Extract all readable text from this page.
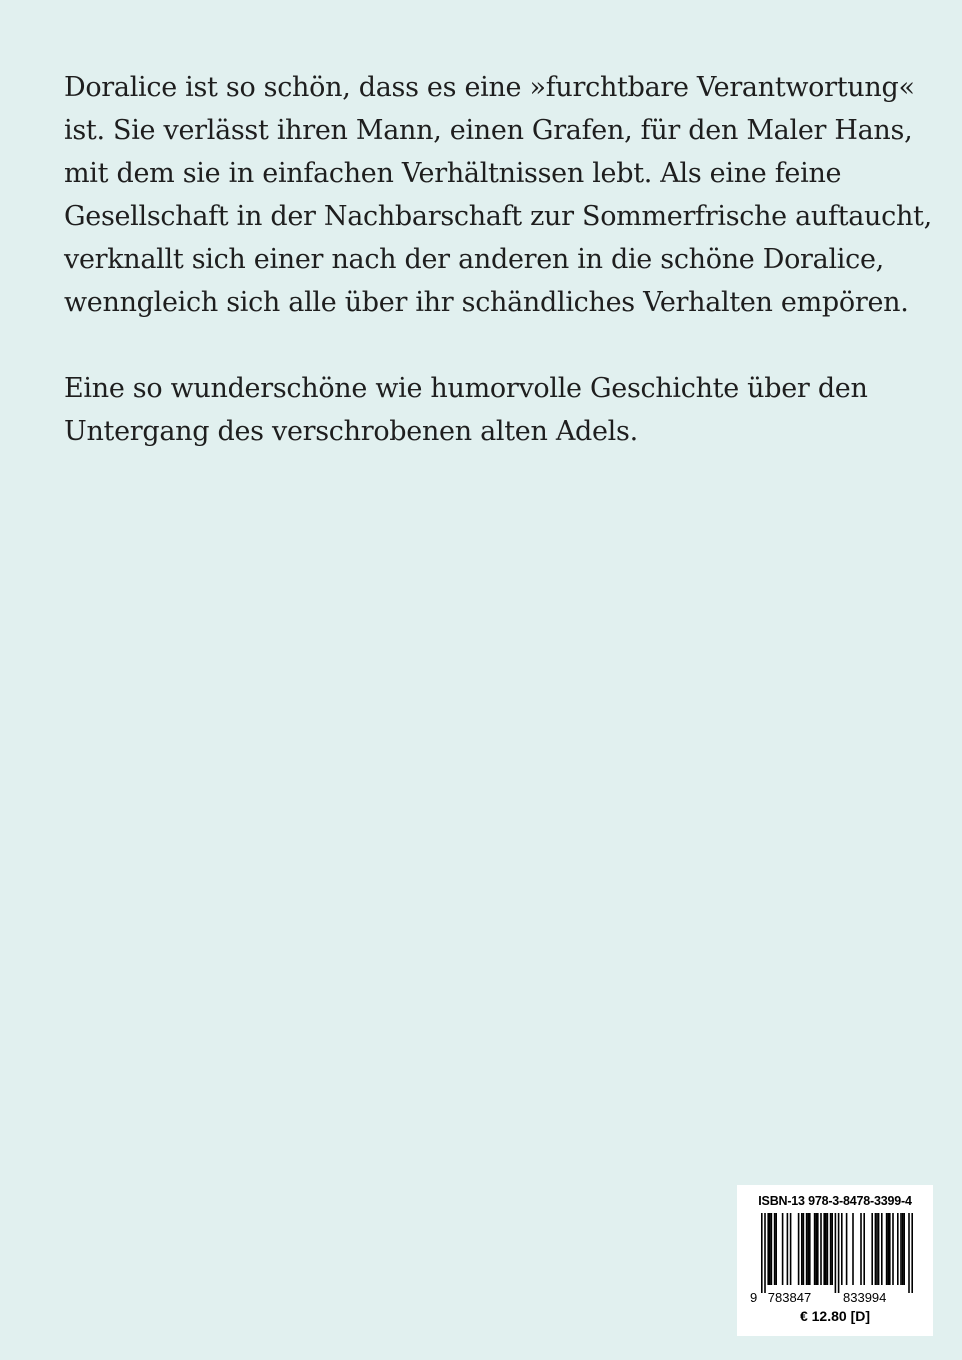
Doralice ist so schön, dass es eine »furchtbare Verantwortung«
ist. Sie verlässt ihren Mann, einen Grafen, für den Maler Hans,
mit dem sie in einfachen Verhältnissen lebt. Als eine feine
Gesellschaft in der Nachbarschaft zur Sommerfrische auftaucht,
verknallt sich einer nach der anderen in die schöne Doralice,
wenngleich sich alle über ihr schändliches Verhalten empören.

Eine so wunderschöne wie humorvolle Geschichte über den
Untergang des verschrobenen alten Adels.

ISBN-13 978-3-8478-3399-4
9 783847 833994
€ 12.80 [D]
